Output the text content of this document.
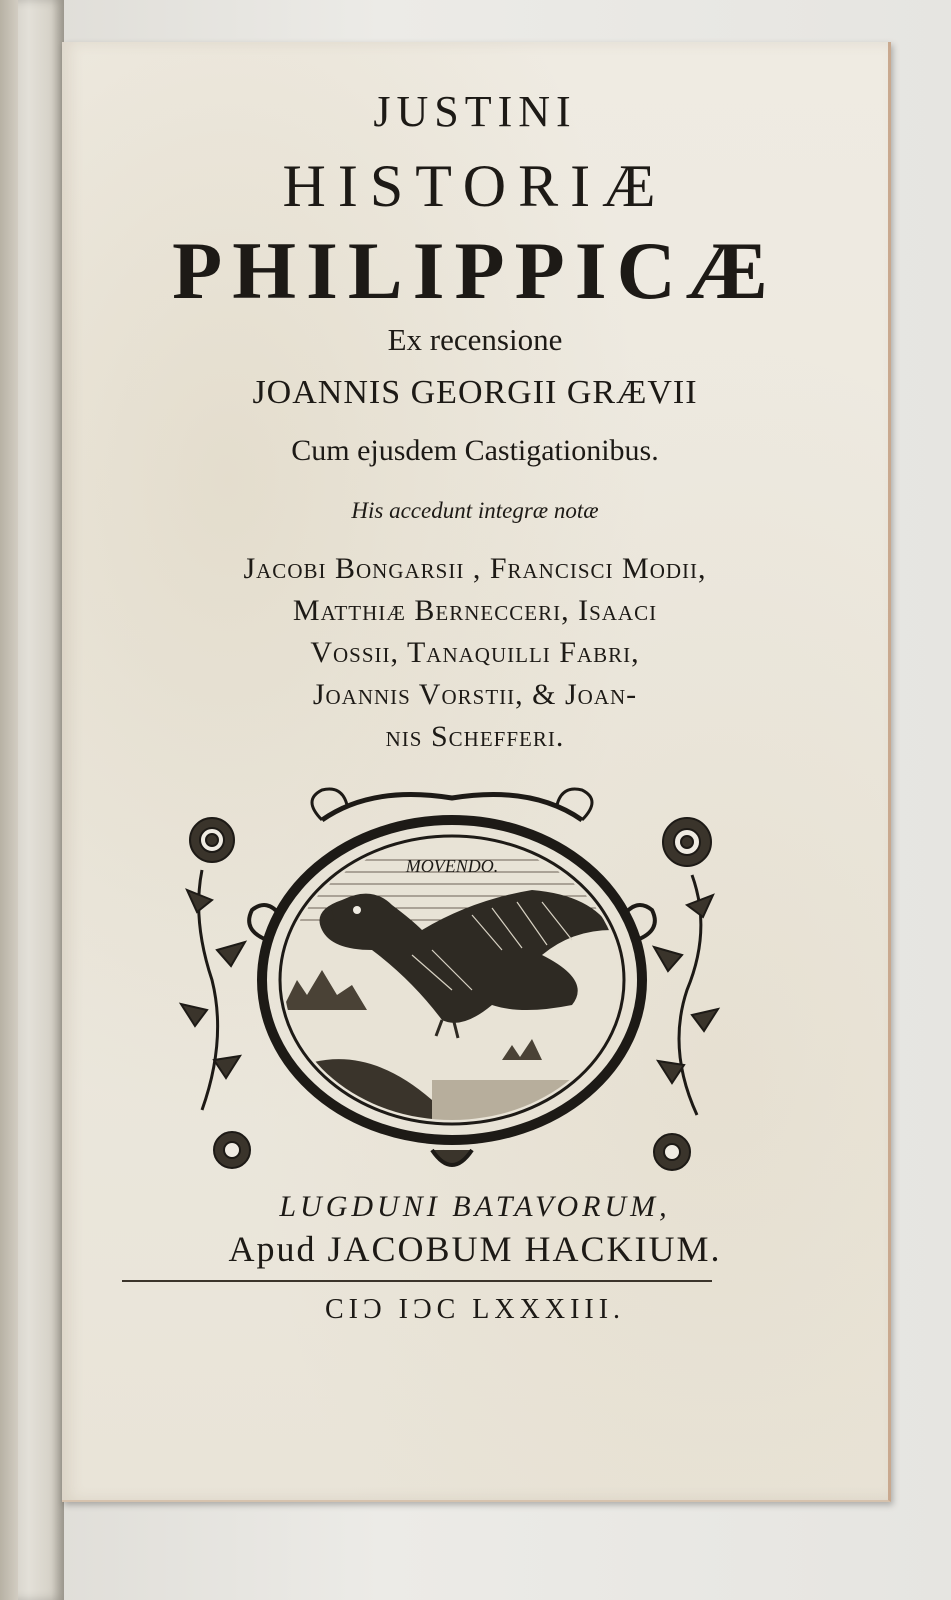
JUSTINI
HISTORIÆ
PHILIPPICÆ
Ex recensione
JOANNIS GEORGII GRÆVII
Cum ejusdem Castigationibus.
His accedunt integræ notæ
Jacobi Bongarsii , Francisci Modii,
Matthiæ Bernecceri, Isaaci
Vossii, Tanaquilli Fabri,
Joannis Vorstii, & Joan-
nis Schefferi.
MOVENDO.
LUGDUNI BATAVORUM,
Apud JACOBUM HACKIUM.
CIƆ IƆC LXXXIII.
